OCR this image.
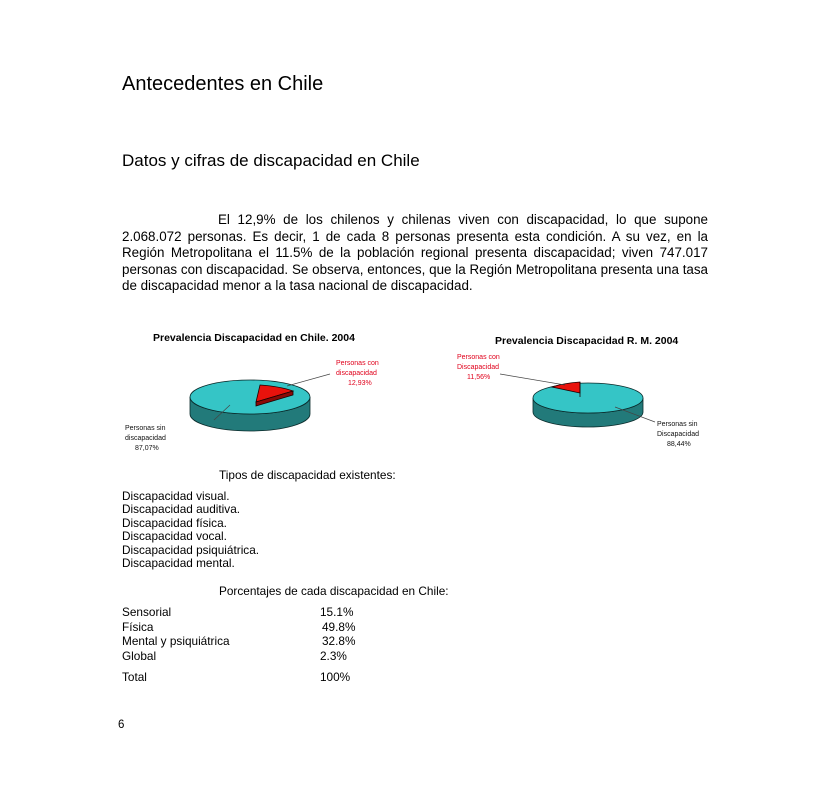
Antecedentes en Chile
Datos y cifras de discapacidad en Chile
El 12,9% de los chilenos y chilenas viven con discapacidad, lo que supone 2.068.072 personas. Es decir, 1 de cada 8 personas presenta esta condición. A su vez, en la Región Metropolitana el 11.5% de la población regional presenta discapacidad; viven 747.017 personas con discapacidad. Se observa, entonces, que la Región Metropolitana presenta una tasa de discapacidad menor a la tasa nacional de discapacidad.
Prevalencia Discapacidad en Chile. 2004
Personas con
discapacidad
12,93%
Personas sin
discapacidad
87,07%
Prevalencia Discapacidad R. M. 2004
Personas con
Discapacidad
11,56%
Personas sin
Discapacidad
88,44%
Tipos de discapacidad existentes:
Discapacidad visual.
Discapacidad auditiva.
Discapacidad física.
Discapacidad vocal.
Discapacidad psiquiátrica.
Discapacidad mental.
Porcentajes de cada discapacidad en Chile:
Sensorial	15.1%
Física	49.8%
Mental y psiquiátrica	32.8%
Global	2.3%
Total	100%
6
